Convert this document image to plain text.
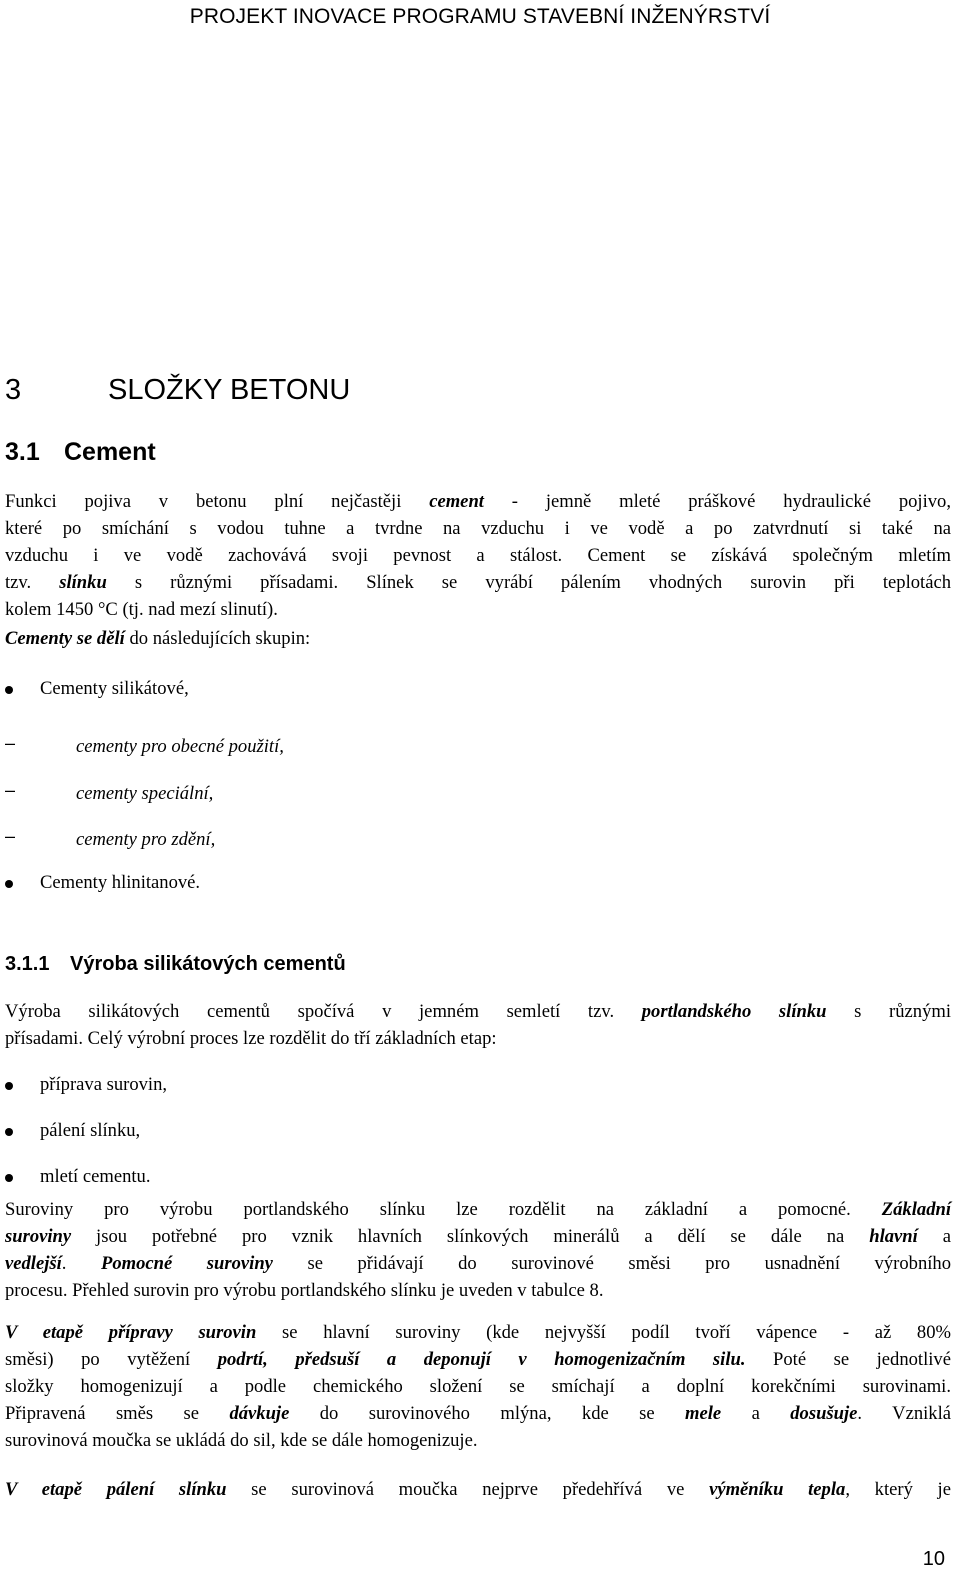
PROJEKT INOVACE PROGRAMU STAVEBNÍ INŽENÝRSTVÍ
3	SLOŽKY BETONU
3.1 Cement
Funkci pojiva v betonu plní nejčastěji cement - jemně mleté práškové hydraulické pojivo,
které po smíchání s vodou tuhne a tvrdne na vzduchu i ve vodě a po zatvrdnutí si také na
vzduchu i ve vodě zachovává svoji pevnost a stálost. Cement se získává společným mletím
tzv. slínku s různými přísadami. Slínek se vyrábí pálením vhodných surovin při teplotách
kolem 1450 °C (tj. nad mezí slinutí).
Cementy se dělí do následujících skupin:
Cementy silikátové,
–	cementy pro obecné použití,
–	cementy speciální,
–	cementy pro zdění,
Cementy hlinitanové.
3.1.1 Výroba silikátových cementů
Výroba silikátových cementů spočívá v jemném semletí tzv. portlandského slínku s různými
přísadami. Celý výrobní proces lze rozdělit do tří základních etap:
příprava surovin,
pálení slínku,
mletí cementu.
Suroviny pro výrobu portlandského slínku lze rozdělit na základní a pomocné. Základní
suroviny jsou potřebné pro vznik hlavních slínkových minerálů a dělí se dále na hlavní a
vedlejší. Pomocné suroviny se přidávají do surovinové směsi pro usnadnění výrobního
procesu. Přehled surovin pro výrobu portlandského slínku je uveden v tabulce 8.
V etapě přípravy surovin se hlavní suroviny (kde nejvyšší podíl tvoří vápence - až 80%
směsi) po vytěžení podrtí, předsuší a deponují v homogenizačním silu. Poté se jednotlivé
složky homogenizují a podle chemického složení se smíchají a doplní korekčními surovinami.
Připravená směs se dávkuje do surovinového mlýna, kde se mele a dosušuje. Vzniklá
surovinová moučka se ukládá do sil, kde se dále homogenizuje.
V etapě pálení slínku se surovinová moučka nejprve předehřívá ve výměníku tepla, který je
10
